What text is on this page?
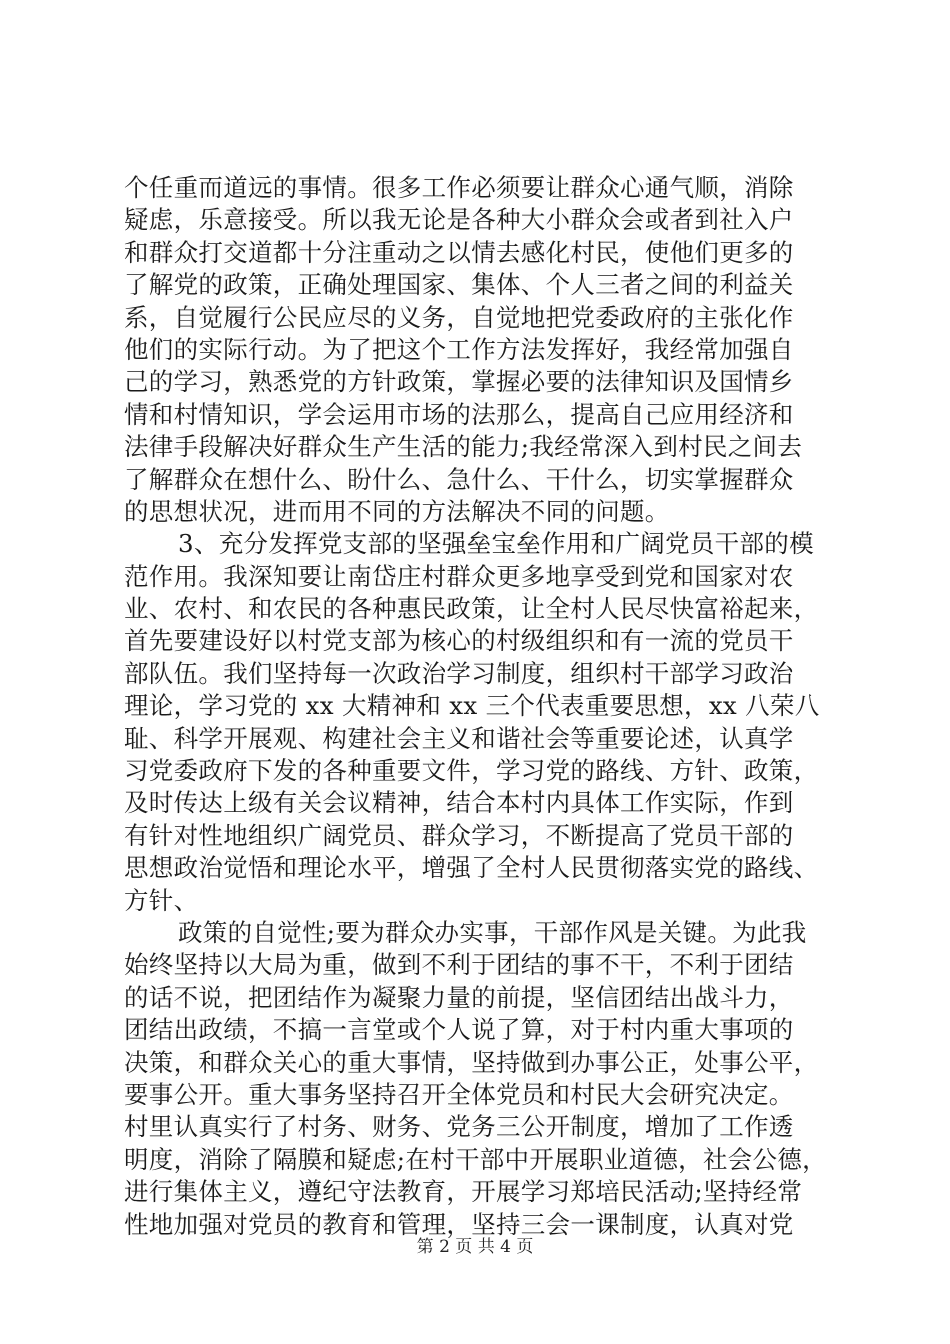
个任重而道远的事情。很多工作必须要让群众心通气顺，消除
疑虑，乐意接受。所以我无论是各种大小群众会或者到社入户
和群众打交道都十分注重动之以情去感化村民，使他们更多的
了解党的政策，正确处理国家、集体、个人三者之间的利益关
系，自觉履行公民应尽的义务，自觉地把党委政府的主张化作
他们的实际行动。为了把这个工作方法发挥好，我经常加强自
己的学习，熟悉党的方针政策，掌握必要的法律知识及国情乡
情和村情知识，学会运用市场的法那么，提高自己应用经济和
法律手段解决好群众生产生活的能力;我经常深入到村民之间去
了解群众在想什么、盼什么、急什么、干什么，切实掌握群众
的思想状况，进而用不同的方法解决不同的问题。
3、充分发挥党支部的坚强垒宝垒作用和广阔党员干部的模
范作用。我深知要让南岱庄村群众更多地享受到党和国家对农
业、农村、和农民的各种惠民政策，让全村人民尽快富裕起来，
首先要建设好以村党支部为核心的村级组织和有一流的党员干
部队伍。我们坚持每一次政治学习制度，组织村干部学习政治
理论，学习党的 xx 大精神和 xx 三个代表重要思想，xx 八荣八
耻、科学开展观、构建社会主义和谐社会等重要论述，认真学
习党委政府下发的各种重要文件，学习党的路线、方针、政策，
及时传达上级有关会议精神，结合本村内具体工作实际，作到
有针对性地组织广阔党员、群众学习，不断提高了党员干部的
思想政治觉悟和理论水平，增强了全村人民贯彻落实党的路线、
方针、
政策的自觉性;要为群众办实事，干部作风是关键。为此我
始终坚持以大局为重，做到不利于团结的事不干，不利于团结
的话不说，把团结作为凝聚力量的前提，坚信团结出战斗力，
团结出政绩，不搞一言堂或个人说了算，对于村内重大事项的
决策，和群众关心的重大事情，坚持做到办事公正，处事公平，
要事公开。重大事务坚持召开全体党员和村民大会研究决定。
村里认真实行了村务、财务、党务三公开制度，增加了工作透
明度，消除了隔膜和疑虑;在村干部中开展职业道德，社会公德，
进行集体主义，遵纪守法教育，开展学习郑培民活动;坚持经常
性地加强对党员的教育和管理，坚持三会一课制度，认真对党
第 2 页 共 4 页
